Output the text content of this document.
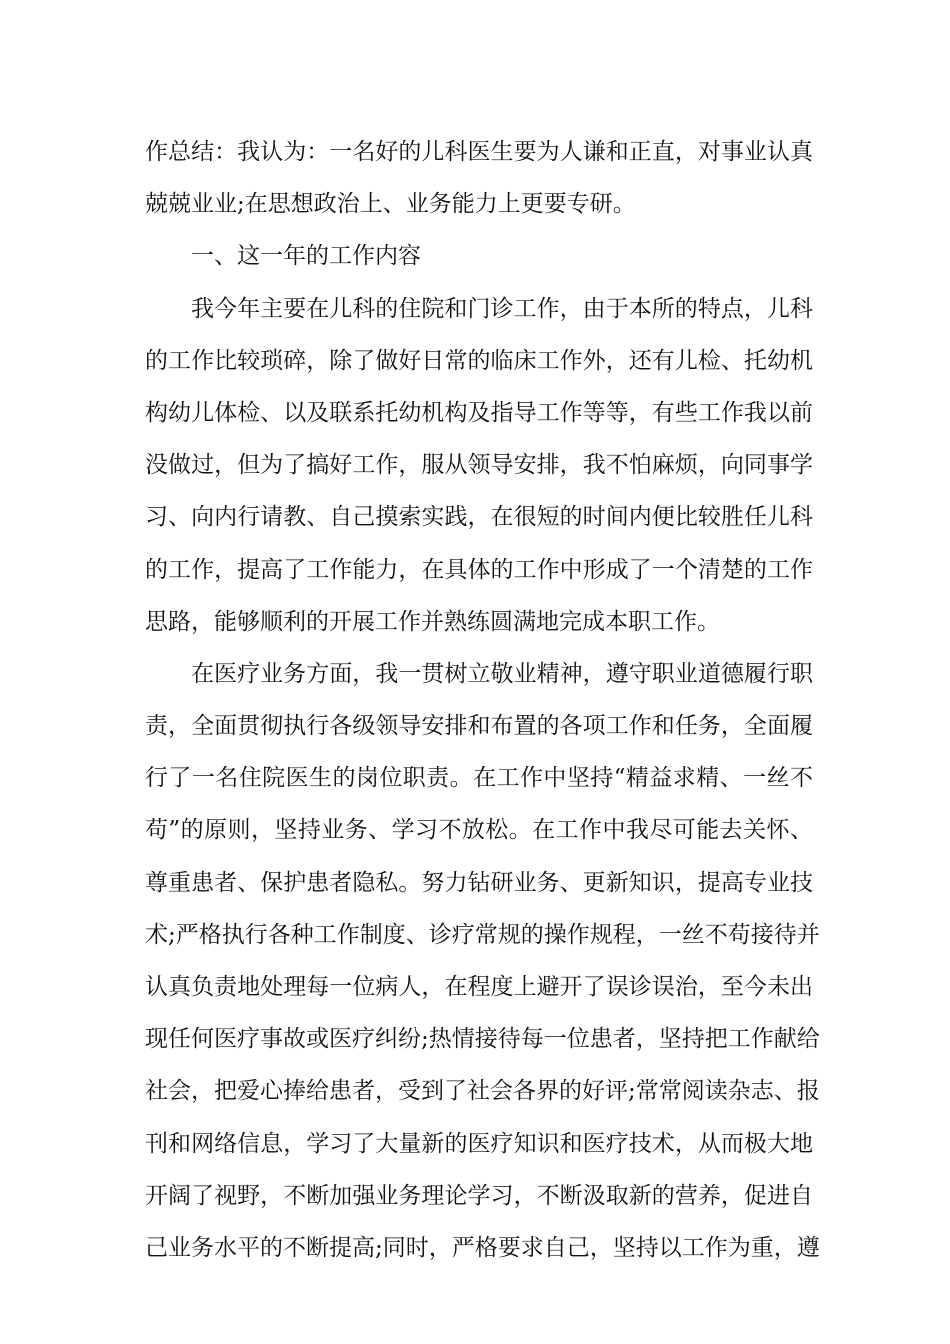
作总结：我认为：一名好的儿科医生要为人谦和正直，对事业认真
兢兢业业;在思想政治上、业务能力上更要专研。
一、这一年的工作内容
我今年主要在儿科的住院和门诊工作，由于本所的特点，儿科
的工作比较琐碎，除了做好日常的临床工作外，还有儿检、托幼机
构幼儿体检、以及联系托幼机构及指导工作等等，有些工作我以前
没做过，但为了搞好工作，服从领导安排，我不怕麻烦，向同事学
习、向内行请教、自己摸索实践，在很短的时间内便比较胜任儿科
的工作，提高了工作能力，在具体的工作中形成了一个清楚的工作
思路，能够顺利的开展工作并熟练圆满地完成本职工作。
在医疗业务方面，我一贯树立敬业精神，遵守职业道德履行职
责，全面贯彻执行各级领导安排和布置的各项工作和任务，全面履
行了一名住院医生的岗位职责。在工作中坚持“精益求精、一丝不
苟”的原则，坚持业务、学习不放松。在工作中我尽可能去关怀、
尊重患者、保护患者隐私。努力钻研业务、更新知识，提高专业技
术;严格执行各种工作制度、诊疗常规的操作规程，一丝不苟接待并
认真负责地处理每一位病人，在程度上避开了误诊误治，至今未出
现任何医疗事故或医疗纠纷;热情接待每一位患者，坚持把工作献给
社会，把爱心捧给患者，受到了社会各界的好评;常常阅读杂志、报
刊和网络信息，学习了大量新的医疗知识和医疗技术，从而极大地
开阔了视野，不断加强业务理论学习，不断汲取新的营养，促进自
己业务水平的不断提高;同时，严格要求自己，坚持以工作为重，遵
